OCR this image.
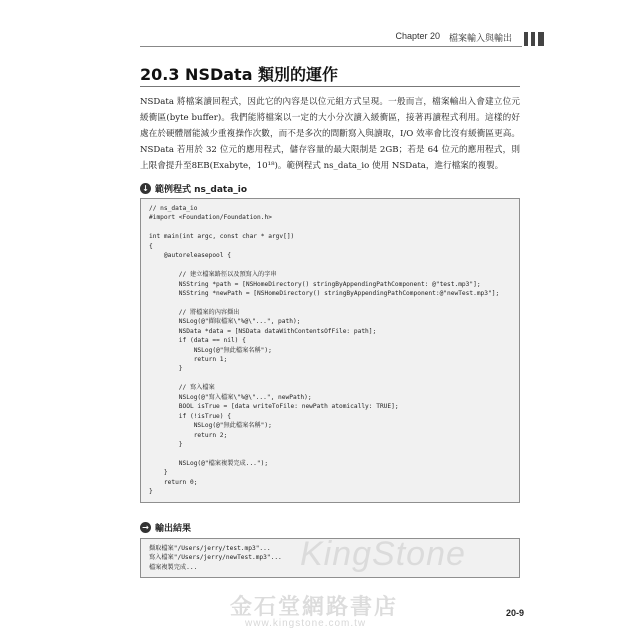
Chapter 20 檔案輸入與輸出
20.3 NSData 類別的運作
NSData 將檔案讀回程式，因此它的內容是以位元組方式呈現。一般而言，檔案輸出入會建立位元緩衝區(byte buffer)。我們能將檔案以一定的大小分次讀入緩衝區，接著再讀程式利用。這樣的好處在於硬體層能減少重複操作次數，而不是多次的間斷寫入與讀取，I/O 效率會比沒有緩衝區更高。NSData 若用於 32 位元的應用程式，儲存容量的最大限制是 2GB；若是 64 位元的應用程式，則上限會提升至8EB(Exabyte，10¹⁸)。範例程式 ns_data_io 使用 NSData，進行檔案的複製。
↓ 範例程式 ns_data_io
// ns_data_io
#import <Foundation/Foundation.h>
int main(int argc, const char * argv[])
{
@autoreleasepool {
// 建立檔案路徑以及預寫入的字串
NSString *path = [NSHomeDirectory() stringByAppendingPathComponent: @"test.mp3"];
NSString *newPath = [NSHomeDirectory() stringByAppendingPathComponent:@"newTest.mp3"];
// 將檔案的內容擷出
NSLog(@"擷取檔案\"%@\"...", path);
NSData *data = [NSData dataWithContentsOfFile: path];
if (data == nil) {
NSLog(@"無此檔案名稱");
return 1;
}
// 寫入檔案
NSLog(@"寫入檔案\"%@\"...", newPath);
BOOL isTrue = [data writeToFile: newPath atomically: TRUE];
if (!isTrue) {
NSLog(@"無此檔案名稱");
return 2;
}
NSLog(@"檔案複製完成...");
}
return 0;
}
→ 輸出結果
擷取檔案"/Users/jerry/test.mp3"...
寫入檔案"/Users/jerry/newTest.mp3"...
檔案複製完成...	KingStone
金石堂網路書店
www.kingstone.com.tw
20-9
